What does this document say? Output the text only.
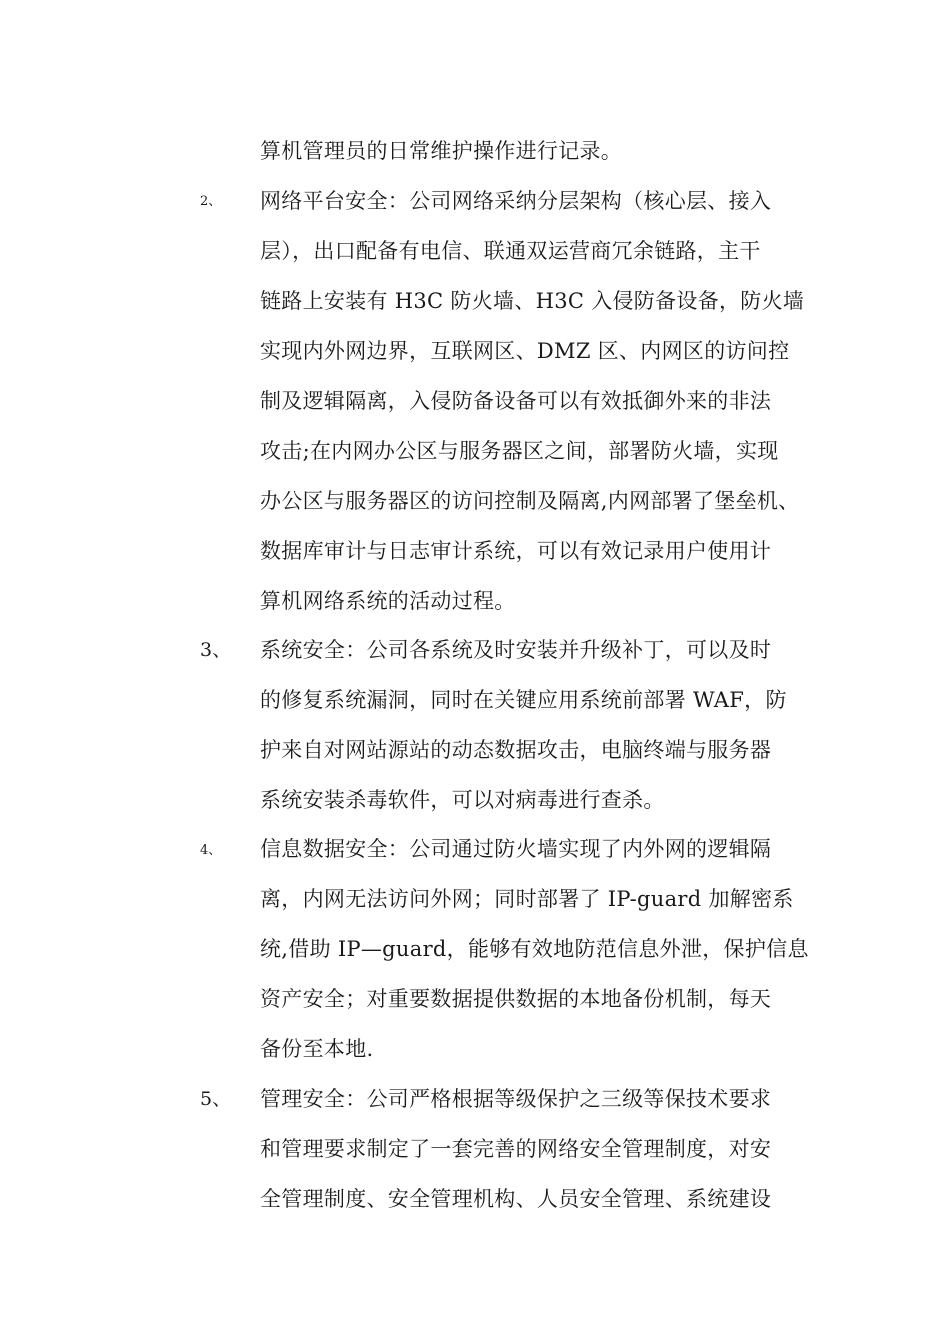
算机管理员的日常维护操作进行记录。
2、 网络平台安全：公司网络采纳分层架构（核心层、接入
层），出口配备有电信、联通双运营商冗余链路，主干
链路上安装有 H3C 防火墙、H3C 入侵防备设备，防火墙
实现内外网边界，互联网区、DMZ 区、内网区的访问控
制及逻辑隔离，入侵防备设备可以有效抵御外来的非法
攻击;在内网办公区与服务器区之间，部署防火墙，实现
办公区与服务器区的访问控制及隔离,内网部署了堡垒机、
数据库审计与日志审计系统，可以有效记录用户使用计
算机网络系统的活动过程。
3、 系统安全：公司各系统及时安装并升级补丁，可以及时
的修复系统漏洞，同时在关键应用系统前部署 WAF，防
护来自对网站源站的动态数据攻击，电脑终端与服务器
系统安装杀毒软件，可以对病毒进行查杀。
4、 信息数据安全：公司通过防火墙实现了内外网的逻辑隔
离，内网无法访问外网；同时部署了 IP-guard 加解密系
统,借助 IP—guard，能够有效地防范信息外泄，保护信息
资产安全；对重要数据提供数据的本地备份机制，每天
备份至本地.
5、 管理安全：公司严格根据等级保护之三级等保技术要求
和管理要求制定了一套完善的网络安全管理制度，对安
全管理制度、安全管理机构、人员安全管理、系统建设
